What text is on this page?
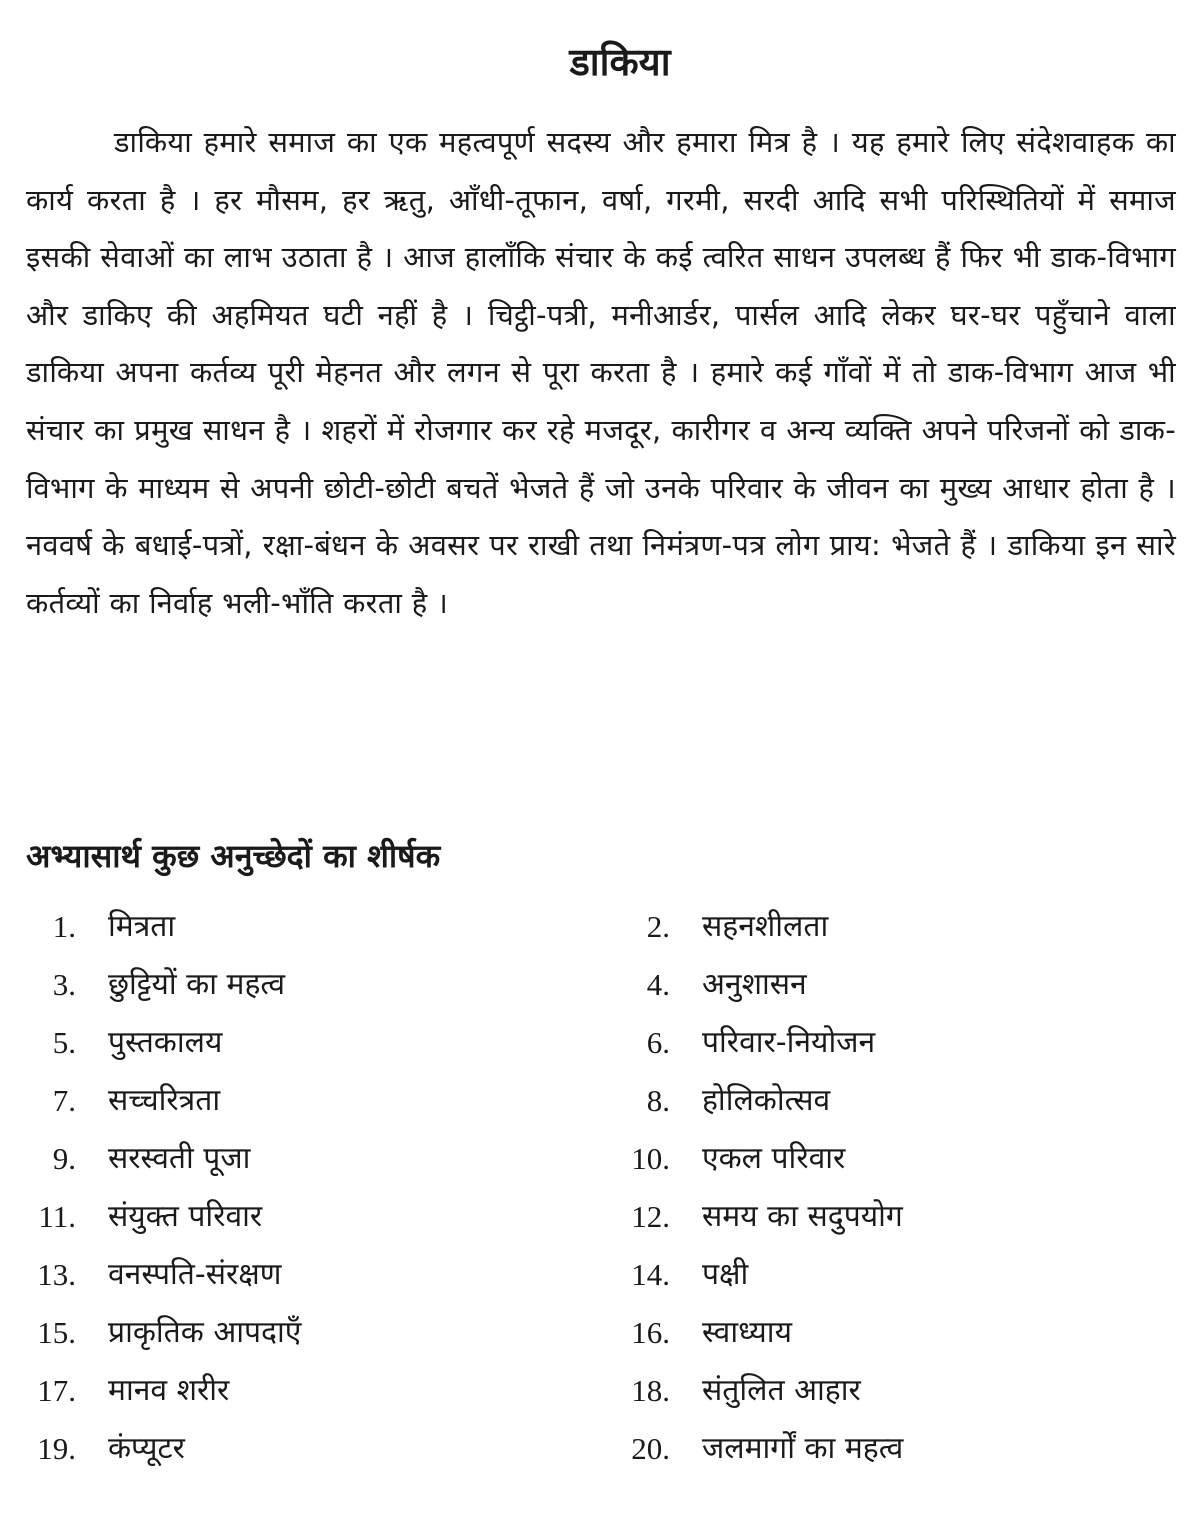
डाकिया

डाकिया हमारे समाज का एक महत्वपूर्ण सदस्य और हमारा मित्र है । यह हमारे लिए संदेशवाहक का कार्य करता है । हर मौसम, हर ऋतु, आँधी-तूफान, वर्षा, गरमी, सरदी आदि सभी परिस्थितियों में समाज इसकी सेवाओं का लाभ उठाता है । आज हालाँकि संचार के कई त्वरित साधन उपलब्ध हैं फिर भी डाक-विभाग और डाकिए की अहमियत घटी नहीं है । चिट्ठी-पत्री, मनीआर्डर, पार्सल आदि लेकर घर-घर पहुँचाने वाला डाकिया अपना कर्तव्य पूरी मेहनत और लगन से पूरा करता है । हमारे कई गाँवों में तो डाक-विभाग आज भी संचार का प्रमुख साधन है । शहरों में रोजगार कर रहे मजदूर, कारीगर व अन्य व्यक्ति अपने परिजनों को डाक-विभाग के माध्यम से अपनी छोटी-छोटी बचतें भेजते हैं जो उनके परिवार के जीवन का मुख्य आधार होता है । नववर्ष के बधाई-पत्रों, रक्षा-बंधन के अवसर पर राखी तथा निमंत्रण-पत्र लोग प्राय: भेजते हैं । डाकिया इन सारे कर्तव्यों का निर्वाह भली-भाँति करता है ।

अभ्यासार्थ कुछ अनुच्छेदों का शीर्षक
1. मित्रता	2. सहनशीलता
3. छुट्टियों का महत्व	4. अनुशासन
5. पुस्तकालय	6. परिवार-नियोजन
7. सच्चरित्रता	8. होलिकोत्सव
9. सरस्वती पूजा	10. एकल परिवार
11. संयुक्त परिवार	12. समय का सदुपयोग
13. वनस्पति-संरक्षण	14. पक्षी
15. प्राकृतिक आपदाएँ	16. स्वाध्याय
17. मानव शरीर	18. संतुलित आहार
19. कंप्यूटर	20. जलमार्गों का महत्व
